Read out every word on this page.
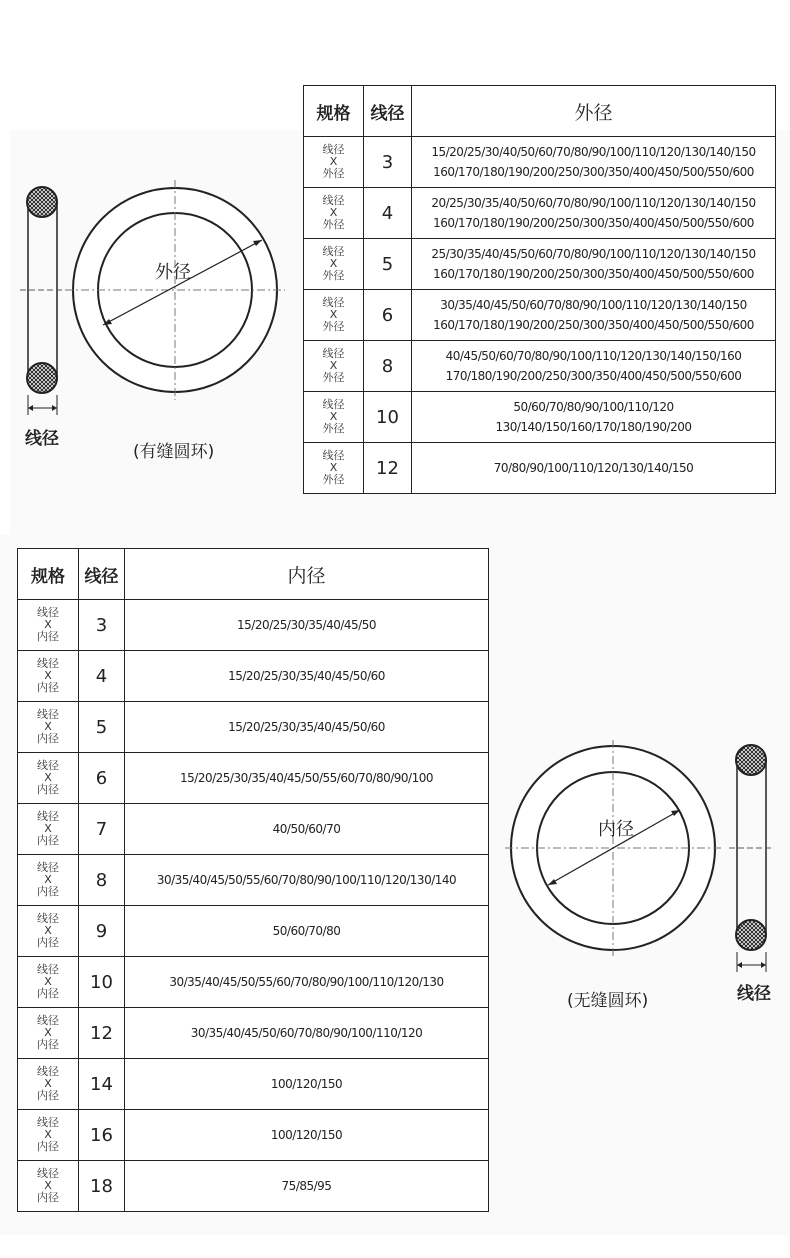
规格	线径	外径

线径
X
外径	3	15/20/25/30/40/50/60/70/80/90/100/110/120/130/140/150
160/170/180/190/200/250/300/350/400/450/500/550/600

线径
X
外径	4	20/25/30/35/40/50/60/70/80/90/100/110/120/130/140/150
160/170/180/190/200/250/300/350/400/450/500/550/600

线径
X
外径	5	25/30/35/40/45/50/60/70/80/90/100/110/120/130/140/150
160/170/180/190/200/250/300/350/400/450/500/550/600

线径
X
外径	6	30/35/40/45/50/60/70/80/90/100/110/120/130/140/150
160/170/180/190/200/250/300/350/400/450/500/550/600

线径
X
外径	8	40/45/50/60/70/80/90/100/110/120/130/140/150/160
170/180/190/200/250/300/350/400/450/500/550/600

线径
X
外径	10	50/60/70/80/90/100/110/120
130/140/150/160/170/180/190/200

线径
X
外径	12	70/80/90/100/110/120/130/140/150
规格	线径	内径

线径
X
内径	3	15/20/25/30/35/40/45/50

线径
X
内径	4	15/20/25/30/35/40/45/50/60

线径
X
内径	5	15/20/25/30/35/40/45/50/60

线径
X
内径	6	15/20/25/30/35/40/45/50/55/60/70/80/90/100

线径
X
内径	7	40/50/60/70

线径
X
内径	8	30/35/40/45/50/55/60/70/80/90/100/110/120/130/140

线径
X
内径	9	50/60/70/80

线径
X
内径	10	30/35/40/45/50/55/60/70/80/90/100/110/120/130

线径
X
内径	12	30/35/40/45/50/60/70/80/90/100/110/120

线径
X
内径	14	100/120/150

线径
X
内径	16	100/120/150

线径
X
内径	18	75/85/95
外径
线径
(有缝圆环)
内径
线径
(无缝圆环)
